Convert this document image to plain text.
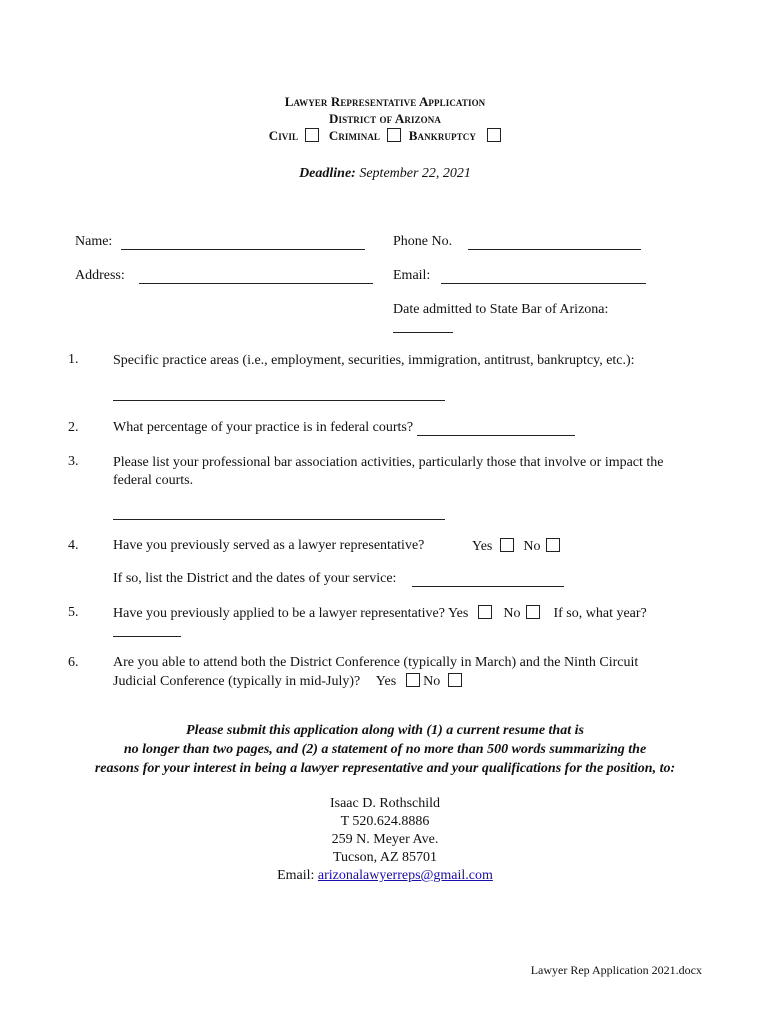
Lawyer Representative Application
District of Arizona
Civil Criminal Bankruptcy
Deadline: September 22, 2021
Name:	Phone No.
Address:	Email:
Date admitted to State Bar of Arizona:
1. Specific practice areas (i.e., employment, securities, immigration, antitrust, bankruptcy, etc.):
2. What percentage of your practice is in federal courts?
3. Please list your professional bar association activities, particularly those that involve or impact the federal courts.
4. Have you previously served as a lawyer representative?	Yes No
If so, list the District and the dates of your service:
5. Have you previously applied to be a lawyer representative? Yes	No If so, what year?
6. Are you able to attend both the District Conference (typically in March) and the Ninth Circuit
Judicial Conference (typically in mid-July)? Yes No
Please submit this application along with (1) a current resume that is
no longer than two pages, and (2) a statement of no more than 500 words summarizing the
reasons for your interest in being a lawyer representative and your qualifications for the position, to:
Isaac D. Rothschild
T 520.624.8886
259 N. Meyer Ave.
Tucson, AZ 85701
Email: arizonalawyerreps@gmail.com
Lawyer Rep Application 2021.docx
